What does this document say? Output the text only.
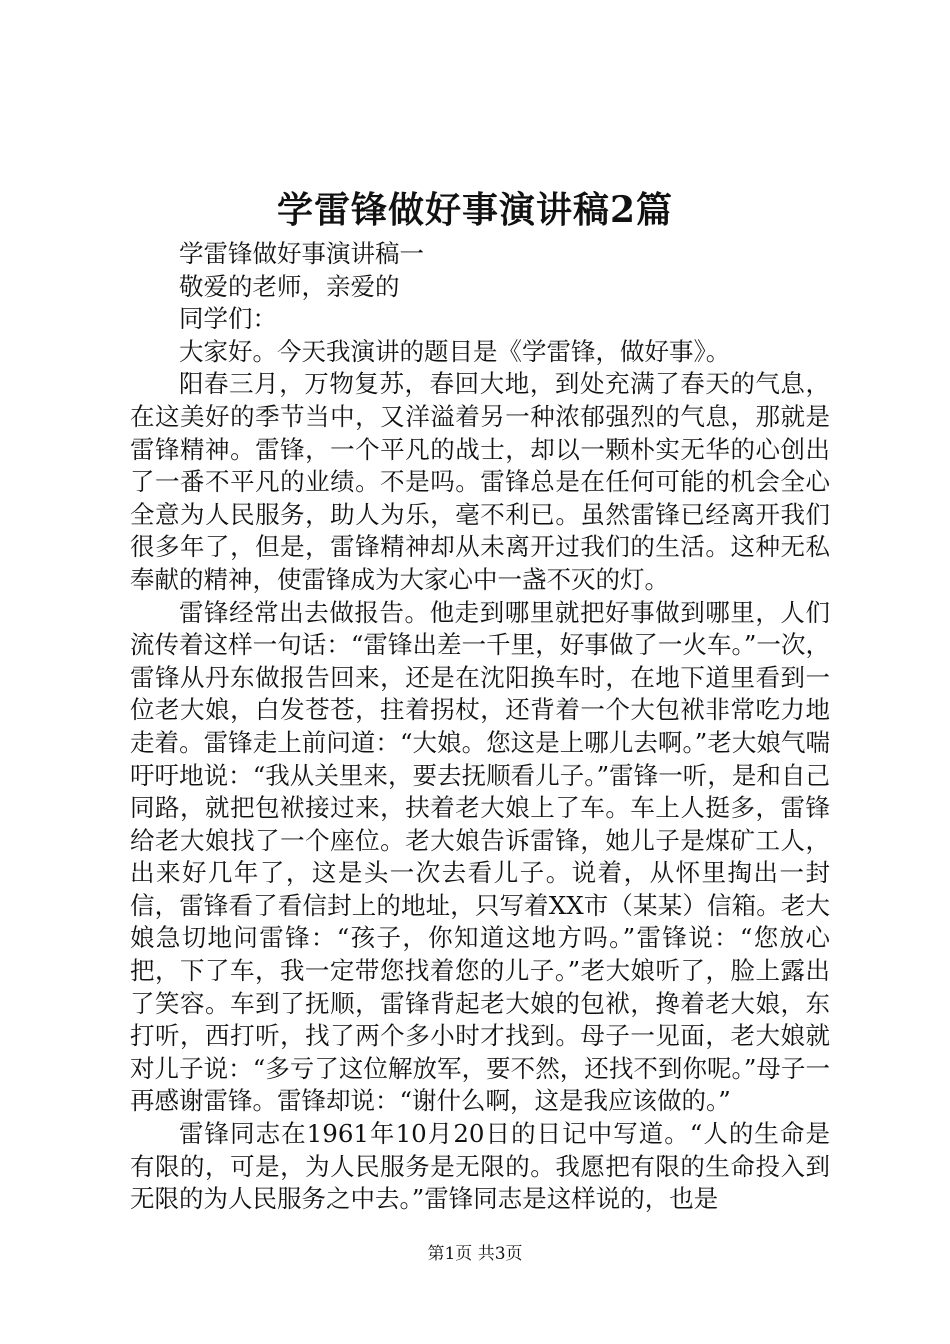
学雷锋做好事演讲稿2篇

学雷锋做好事演讲稿一

敬爱的老师，亲爱的

同学们：

大家好。今天我演讲的题目是《学雷锋，做好事》。

阳春三月，万物复苏，春回大地，到处充满了春天的气息，在这美好的季节当中，又洋溢着另一种浓郁强烈的气息，那就是雷锋精神。雷锋，一个平凡的战士，却以一颗朴实无华的心创出了一番不平凡的业绩。不是吗。雷锋总是在任何可能的机会全心全意为人民服务，助人为乐，毫不利已。虽然雷锋已经离开我们很多年了，但是，雷锋精神却从未离开过我们的生活。这种无私奉献的精神，使雷锋成为大家心中一盏不灭的灯。

雷锋经常出去做报告。他走到哪里就把好事做到哪里，人们流传着这样一句话：“雷锋出差一千里，好事做了一火车。”一次，雷锋从丹东做报告回来，还是在沈阳换车时，在地下道里看到一位老大娘，白发苍苍，拄着拐杖，还背着一个大包袱非常吃力地走着。雷锋走上前问道：“大娘。您这是上哪儿去啊。”老大娘气喘吁吁地说：“我从关里来，要去抚顺看儿子。”雷锋一听，是和自己同路，就把包袱接过来，扶着老大娘上了车。车上人挺多，雷锋给老大娘找了一个座位。老大娘告诉雷锋，她儿子是煤矿工人，出来好几年了，这是头一次去看儿子。说着，从怀里掏出一封信，雷锋看了看信封上的地址，只写着XX市（某某）信箱。老大娘急切地问雷锋：“孩子，你知道这地方吗。”雷锋说：“您放心把，下了车，我一定带您找着您的儿子。”老大娘听了，脸上露出了笑容。车到了抚顺，雷锋背起老大娘的包袱，搀着老大娘，东打听，西打听，找了两个多小时才找到。母子一见面，老大娘就对儿子说：“多亏了这位解放军，要不然，还找不到你呢。”母子一再感谢雷锋。雷锋却说：“谢什么啊，这是我应该做的。”

雷锋同志在1961年10月20日的日记中写道。“人的生命是有限的，可是，为人民服务是无限的。我愿把有限的生命投入到无限的为人民服务之中去。”雷锋同志是这样说的，也是

第1页 共3页
